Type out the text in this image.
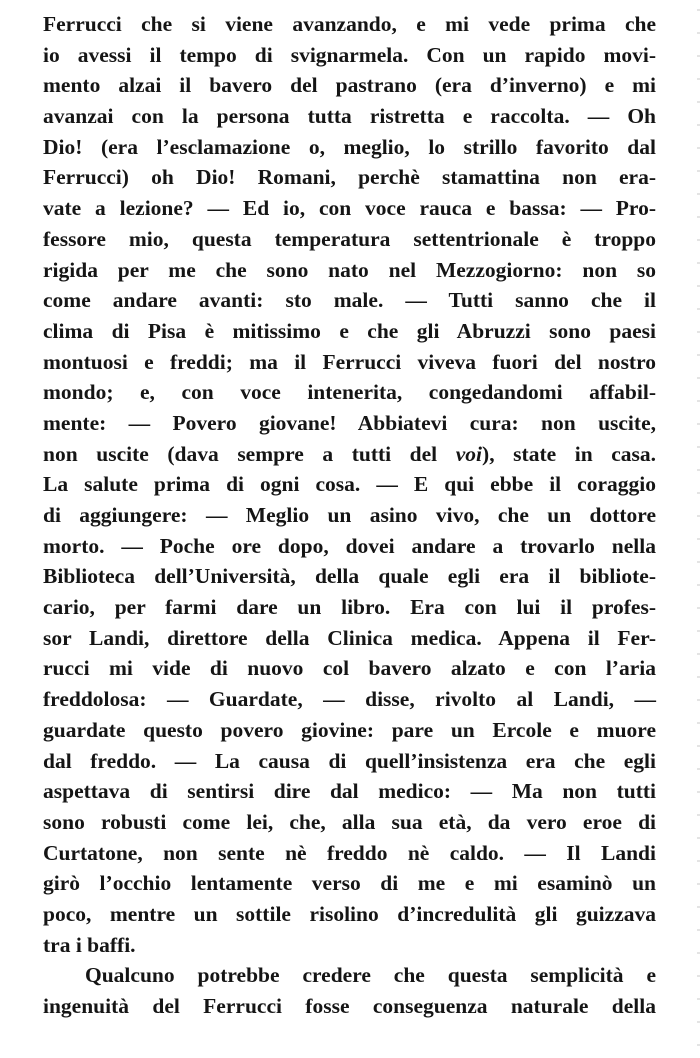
Ferrucci che si viene avanzando, e mi vede prima che
io avessi il tempo di svignarmela. Con un rapido movi-
mento alzai il bavero del pastrano (era d’inverno) e mi
avanzai con la persona tutta ristretta e raccolta. — Oh
Dio! (era l’esclamazione o, meglio, lo strillo favorito dal
Ferrucci) oh Dio! Romani, perchè stamattina non era-
vate a lezione? — Ed io, con voce rauca e bassa: — Pro-
fessore mio, questa temperatura settentrionale è troppo
rigida per me che sono nato nel Mezzogiorno: non so
come andare avanti: sto male. — Tutti sanno che il
clima di Pisa è mitissimo e che gli Abruzzi sono paesi
montuosi e freddi; ma il Ferrucci viveva fuori del nostro
mondo; e, con voce intenerita, congedandomi affabil-
mente: — Povero giovane! Abbiatevi cura: non uscite,
non uscite (dava sempre a tutti del voi), state in casa.
La salute prima di ogni cosa. — E qui ebbe il coraggio
di aggiungere: — Meglio un asino vivo, che un dottore
morto. — Poche ore dopo, dovei andare a trovarlo nella
Biblioteca dell’Università, della quale egli era il bibliote-
cario, per farmi dare un libro. Era con lui il profes-
sor Landi, direttore della Clinica medica. Appena il Fer-
rucci mi vide di nuovo col bavero alzato e con l’aria
freddolosa: — Guardate, — disse, rivolto al Landi, —
guardate questo povero giovine: pare un Ercole e muore
dal freddo. — La causa di quell’insistenza era che egli
aspettava di sentirsi dire dal medico: — Ma non tutti
sono robusti come lei, che, alla sua età, da vero eroe di
Curtatone, non sente nè freddo nè caldo. — Il Landi
girò l’occhio lentamente verso di me e mi esaminò un
poco, mentre un sottile risolino d’incredulità gli guizzava
tra i baffi.
Qualcuno potrebbe credere che questa semplicità e
ingenuità del Ferrucci fosse conseguenza naturale della
